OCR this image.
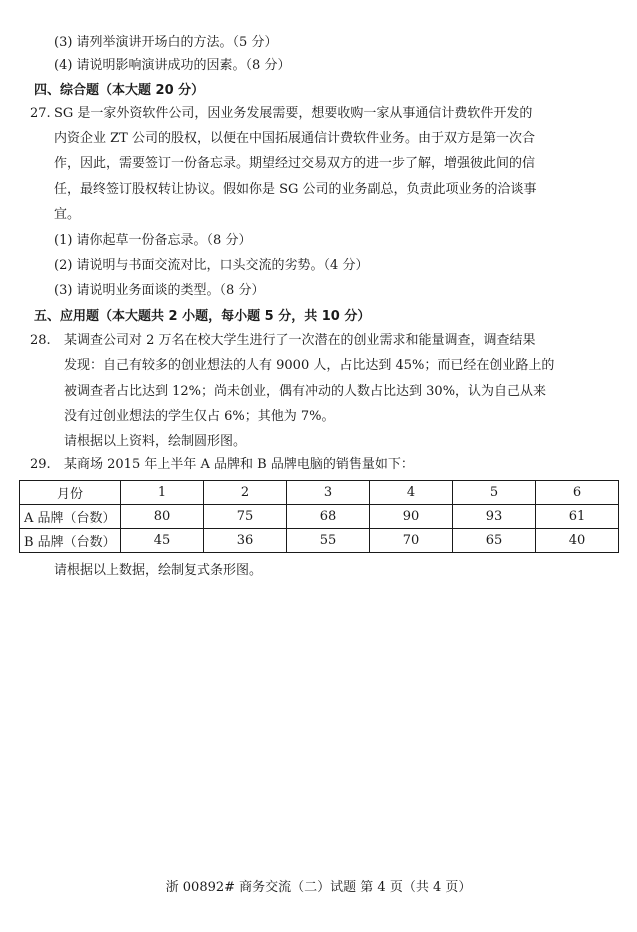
(3) 请列举演讲开场白的方法。（5 分）
(4) 请说明影响演讲成功的因素。（8 分）
四、综合题（本大题 20 分）
27. SG 是一家外资软件公司，因业务发展需要，想要收购一家从事通信计费软件开发的
内资企业 ZT 公司的股权，以便在中国拓展通信计费软件业务。由于双方是第一次合
作，因此，需要签订一份备忘录。期望经过交易双方的进一步了解，增强彼此间的信
任，最终签订股权转让协议。假如你是 SG 公司的业务副总，负责此项业务的洽谈事
宜。
(1) 请你起草一份备忘录。（8 分）
(2) 请说明与书面交流对比，口头交流的劣势。（4 分）
(3) 请说明业务面谈的类型。（8 分）
五、应用题（本大题共 2 小题，每小题 5 分，共 10 分）
28. 某调查公司对 2 万名在校大学生进行了一次潜在的创业需求和能量调查，调查结果
发现：自己有较多的创业想法的人有 9000 人，占比达到 45%；而已经在创业路上的
被调查者占比达到 12%；尚未创业，偶有冲动的人数占比达到 30%，认为自己从来
没有过创业想法的学生仅占 6%；其他为 7%。
请根据以上资料，绘制圆形图。
29. 某商场 2015 年上半年 A 品牌和 B 品牌电脑的销售量如下：
月份	1	2	3	4	5	6
A 品牌（台数）	80	75	68	90	93	61
B 品牌（台数）	45	36	55	70	65	40
请根据以上数据，绘制复式条形图。
浙 00892# 商务交流（二）试题 第 4 页（共 4 页）
